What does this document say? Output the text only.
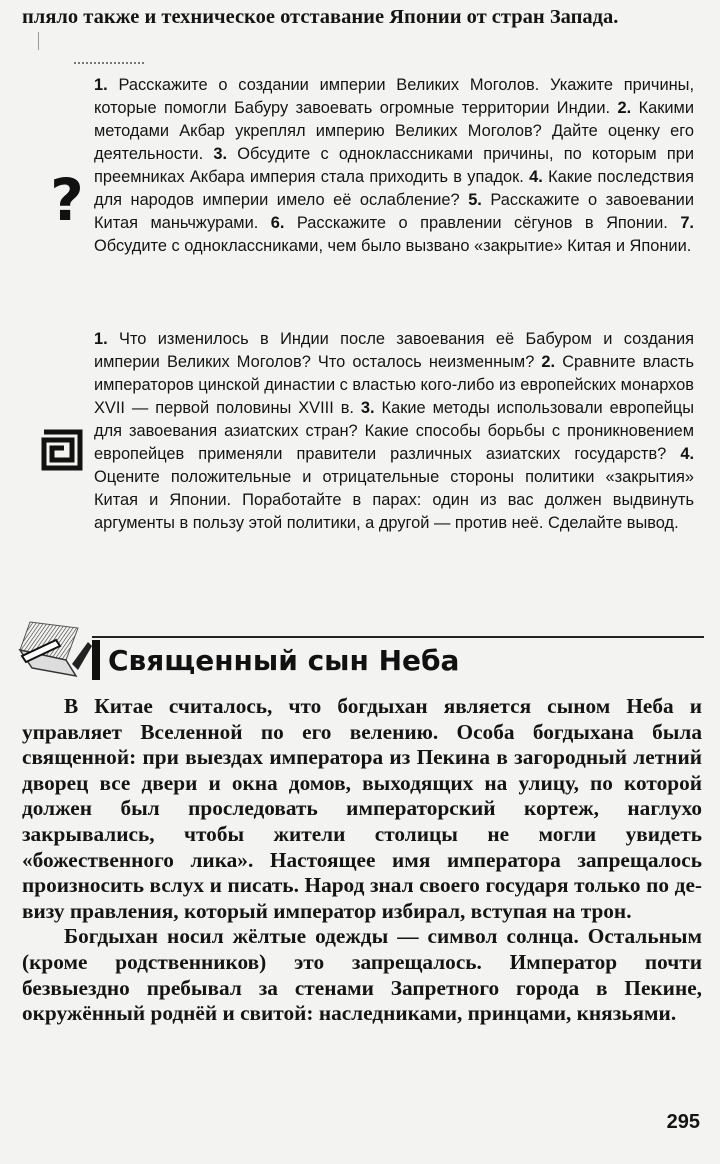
пляло также и техническое отставание Японии от стран Запада.
?
1. Расскажите о создании империи Великих Моголов. Укажите причины, которые помогли Бабуру завоевать огромные территории Индии. 2. Какими методами Акбар укреплял империю Великих Моголов? Дайте оценку его деятельности. 3. Обсудите с одноклассниками причины, по которым при преемниках Акбара империя стала приходить в упадок. 4. Какие последствия для народов империи имело её ослабление? 5. Расскажите о завоевании Китая маньчжурами. 6. Расскажите о правлении сёгунов в Японии. 7. Обсудите с одноклассниками, чем было вызвано «закрытие» Китая и Японии.
1. Что изменилось в Индии после завоевания её Бабуром и создания империи Великих Моголов? Что осталось неизменным? 2. Сравните власть императоров цинской династии с властью кого-либо из европейских монархов XVII — первой половины XVIII в. 3. Какие методы использовали европейцы для завоевания азиатских стран? Какие способы борьбы с проникновением европейцев применяли правители различных азиатских государств? 4. Оцените положительные и отрицательные стороны политики «закрытия» Китая и Японии. Поработайте в парах: один из вас должен выдвинуть аргументы в пользу этой политики, а другой — против неё. Сделайте вывод.
Священный сын Неба

В Китае считалось, что богдыхан является сыном Неба и управляет Вселенной по его велению. Особа богдыхана была священной: при выездах императора из Пекина в загородный летний дворец все двери и окна домов, выходящих на улицу, по которой должен был проследовать императорский кортеж, наглухо закрывались, чтобы жители столицы не могли увидеть «божественного лика». Настоящее имя императора запрещалось произносить вслух и писать. Народ знал своего государя только по девизу правления, который император избирал, вступая на трон.

Богдыхан носил жёлтые одежды — символ солнца. Остальным (кроме родственников) это запрещалось. Император почти безвыездно пребывал за стенами Запретного города в Пекине, окружённый роднёй и свитой: наследниками, принцами, князьями.

295
